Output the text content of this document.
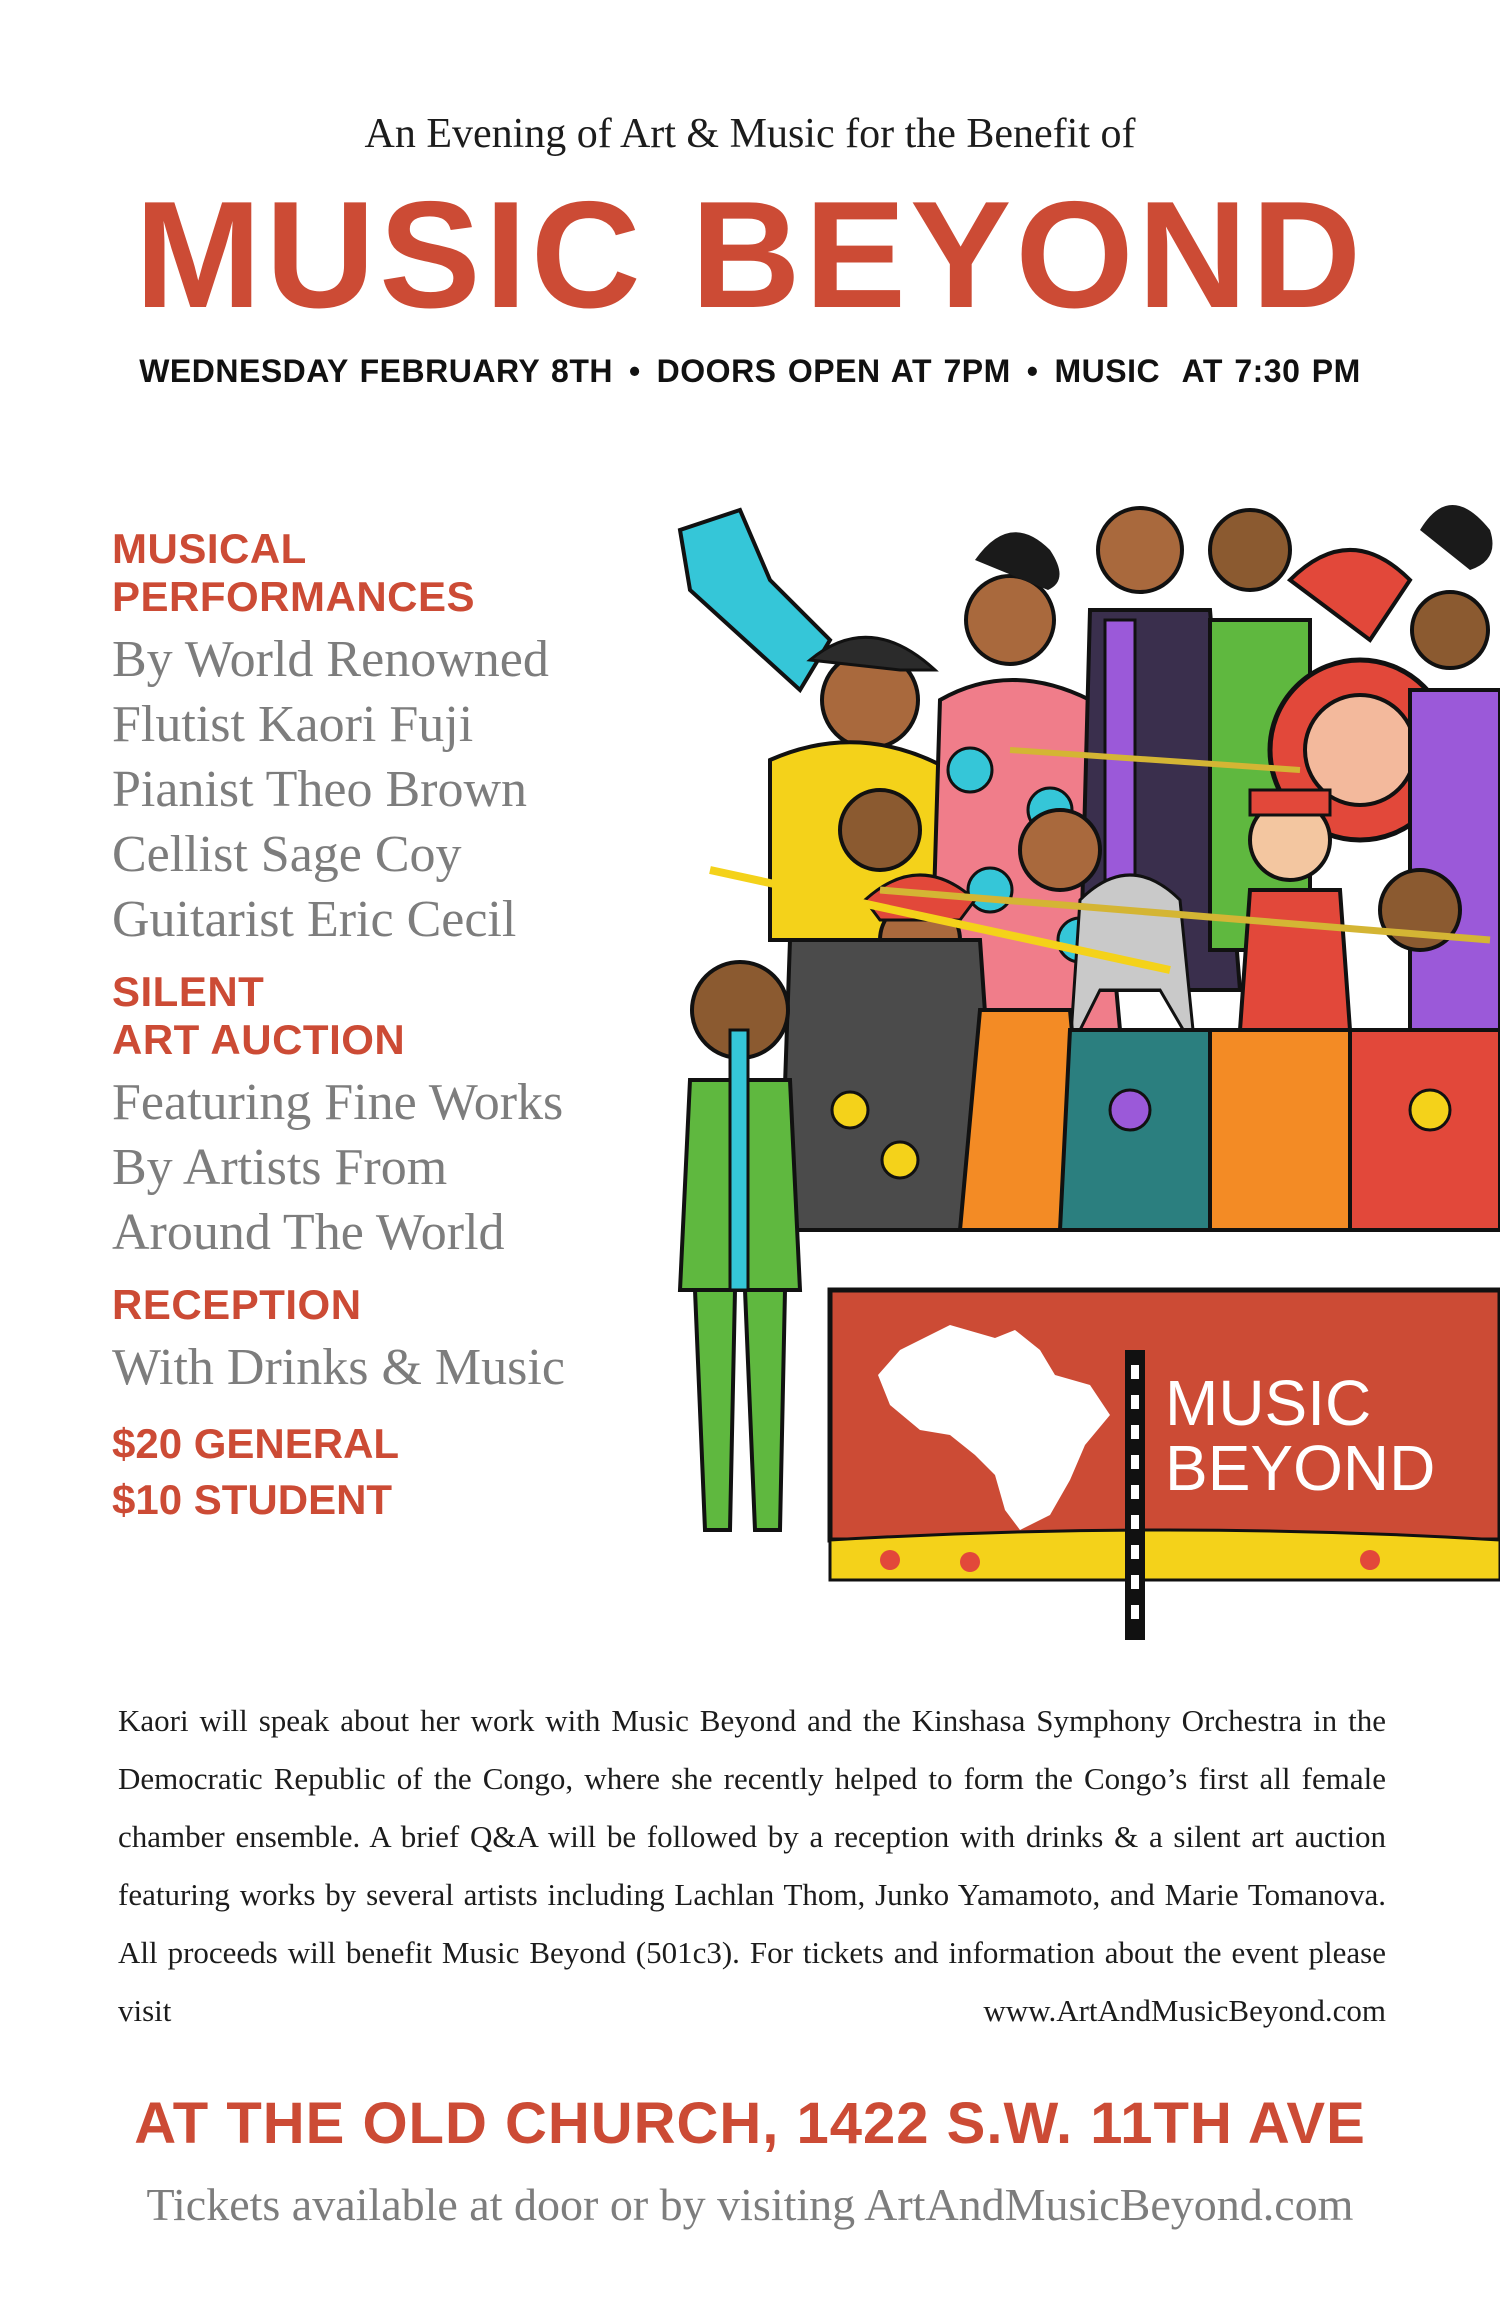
An Evening of Art & Music for the Benefit of
MUSIC BEYOND
WEDNESDAY FEBRUARY 8TH • DOORS OPEN AT 7PM • MUSIC  AT 7:30 PM
MUSICAL
PERFORMANCES
By World Renowned
Flutist Kaori Fuji
Pianist Theo Brown
Cellist Sage Coy
Guitarist Eric Cecil
SILENT
ART AUCTION
Featuring Fine Works
By Artists From
Around The World
RECEPTION
With Drinks & Music
$20 GENERAL
$10 STUDENT
MUSIC
BEYOND
Kaori will speak about her work with Music Beyond and the Kinshasa Symphony Orchestra in the Democratic Republic of the Congo, where she recently helped to form the Congo’s first all female chamber ensemble. A brief Q&A will be followed by a reception with drinks & a silent art auction featuring works by several artists including Lachlan Thom, Junko Yamamoto, and Marie Tomanova. All proceeds will benefit Music Beyond (501c3). For tickets and information about the event please visit www.ArtAndMusicBeyond.com
AT THE OLD CHURCH, 1422 S.W. 11TH AVE
Tickets available at door or by visiting ArtAndMusicBeyond.com
